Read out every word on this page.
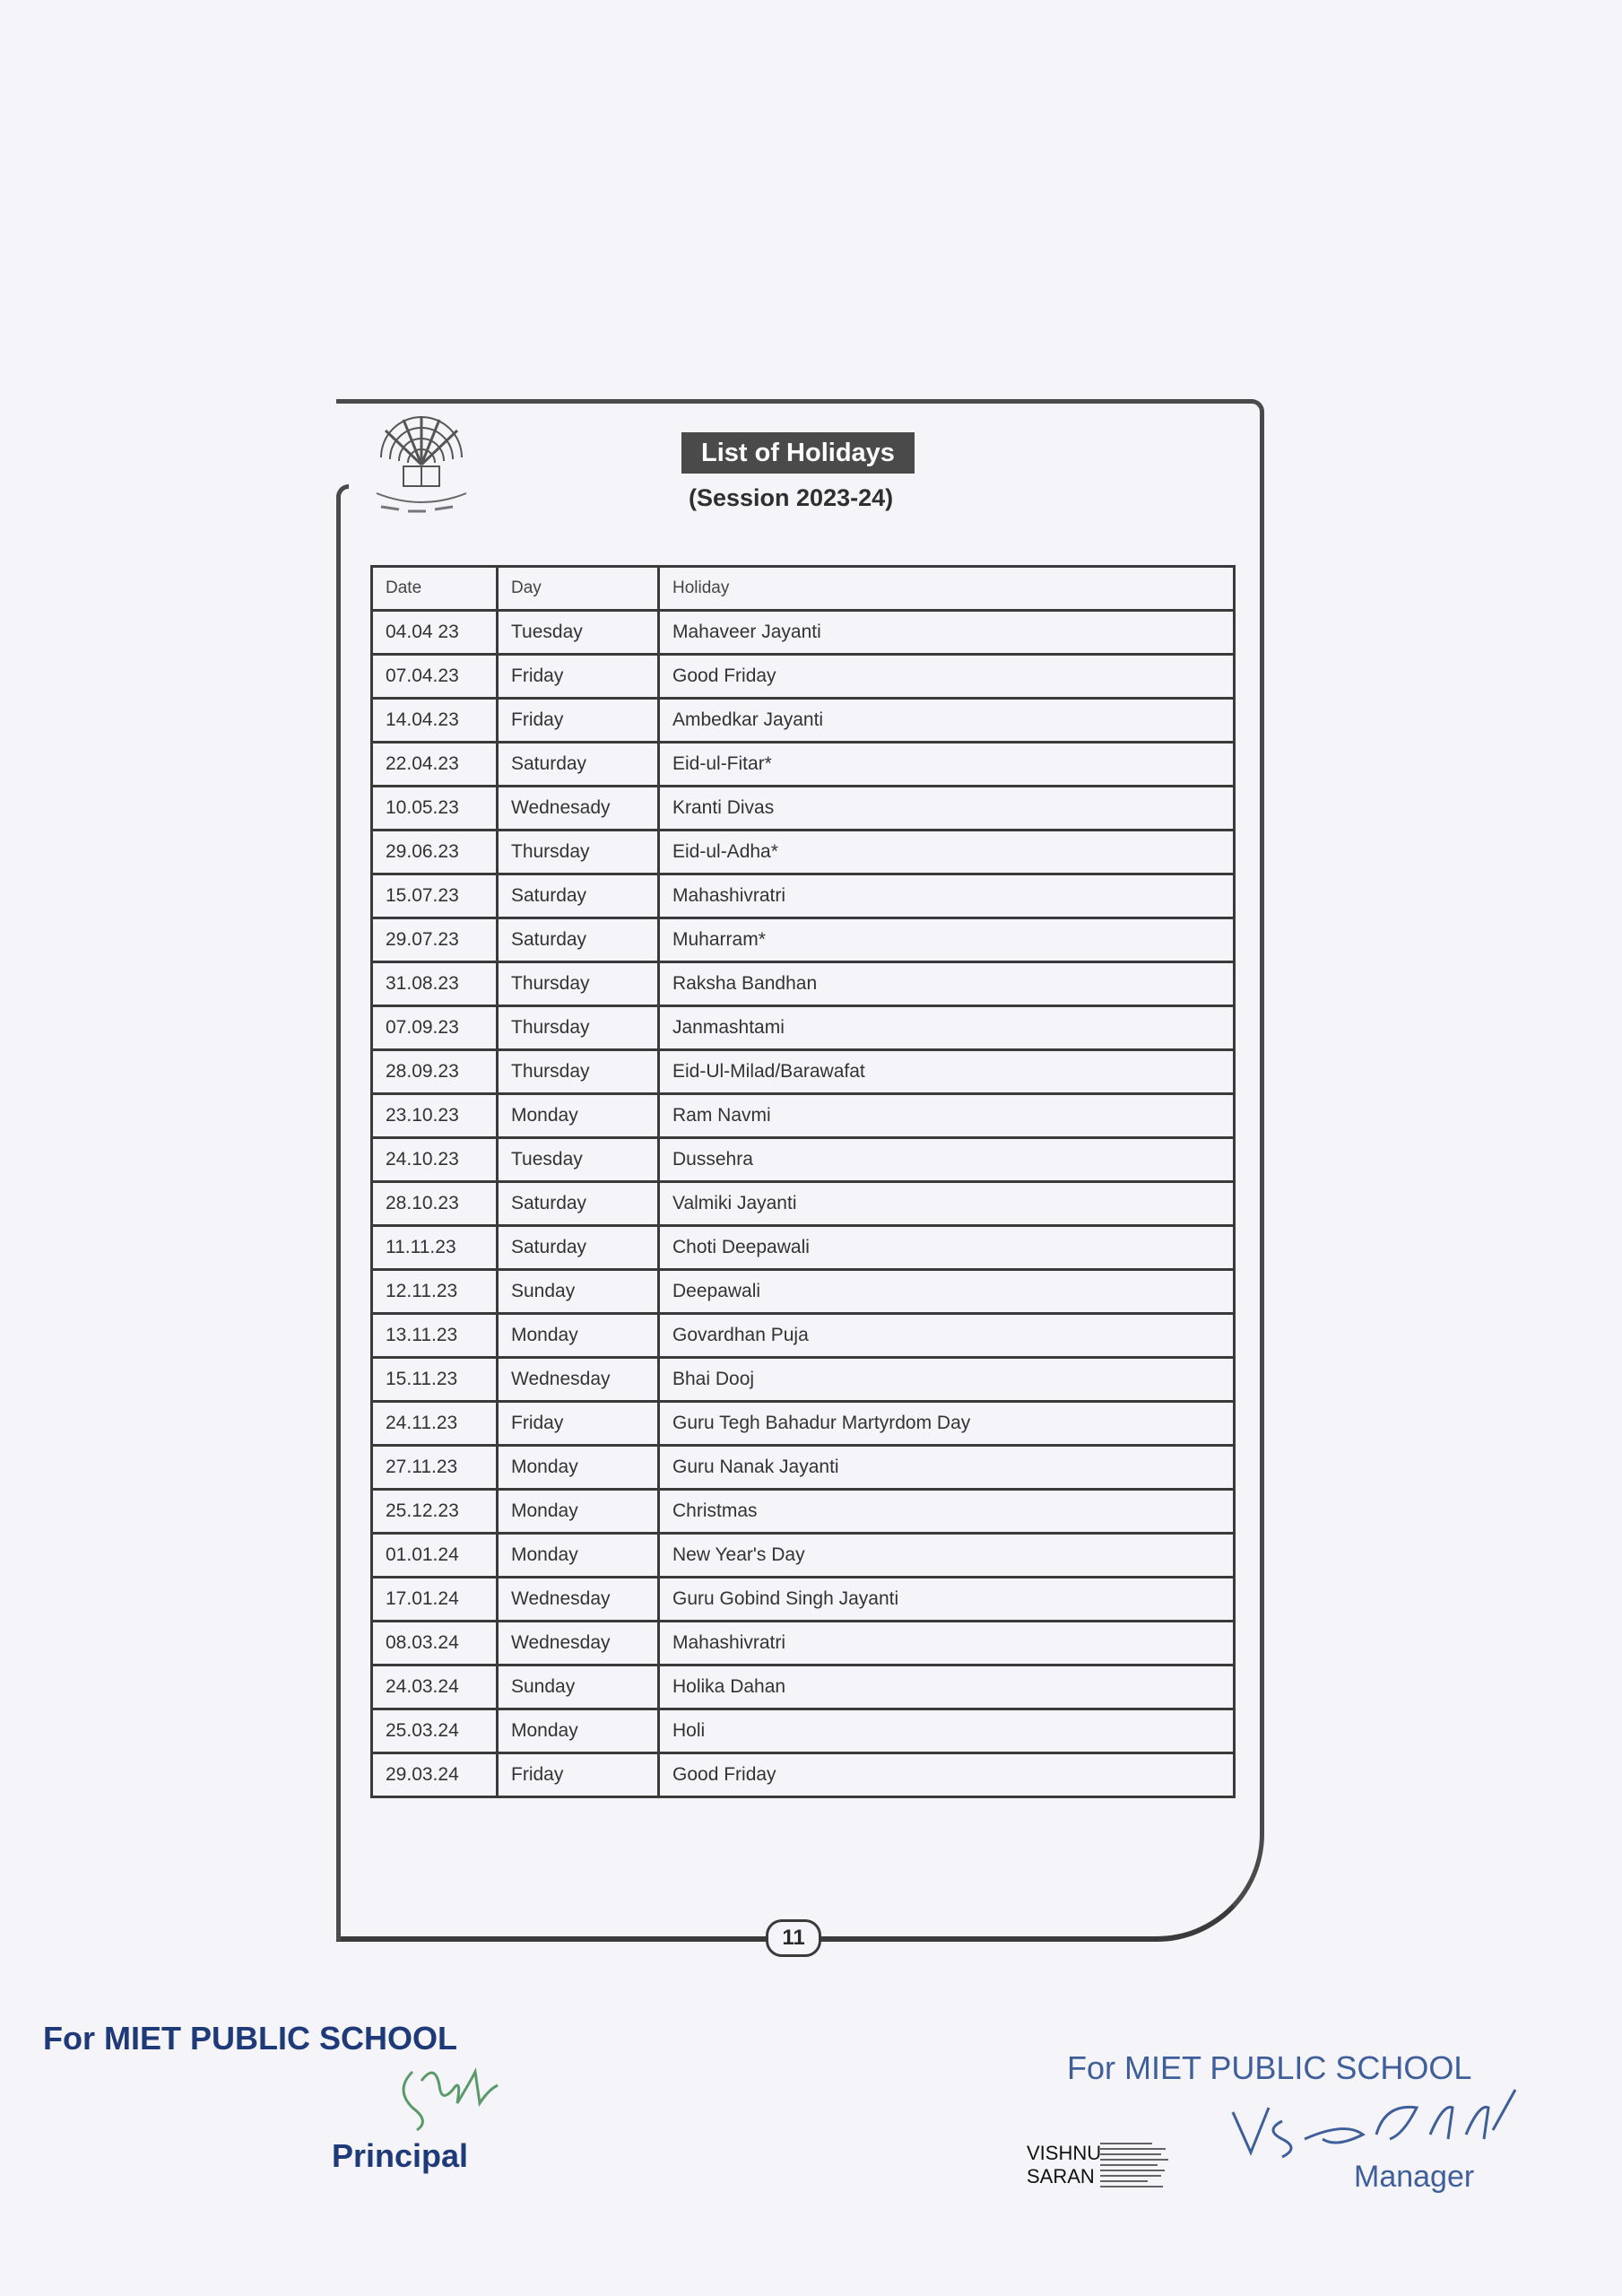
List of Holidays
(Session 2023-24)
Date	Day	Holiday
04.04 23	Tuesday	Mahaveer Jayanti
07.04.23	Friday	Good Friday
14.04.23	Friday	Ambedkar Jayanti
22.04.23	Saturday	Eid-ul-Fitar*
10.05.23	Wednesady	Kranti Divas
29.06.23	Thursday	Eid-ul-Adha*
15.07.23	Saturday	Mahashivratri
29.07.23	Saturday	Muharram*
31.08.23	Thursday	Raksha Bandhan
07.09.23	Thursday	Janmashtami
28.09.23	Thursday	Eid-Ul-Milad/Barawafat
23.10.23	Monday	Ram Navmi
24.10.23	Tuesday	Dussehra
28.10.23	Saturday	Valmiki Jayanti
11.11.23	Saturday	Choti Deepawali
12.11.23	Sunday	Deepawali
13.11.23	Monday	Govardhan Puja
15.11.23	Wednesday	Bhai Dooj
24.11.23	Friday	Guru Tegh Bahadur Martyrdom Day
27.11.23	Monday	Guru Nanak Jayanti
25.12.23	Monday	Christmas
01.01.24	Monday	New Year's Day
17.01.24	Wednesday	Guru Gobind Singh Jayanti
08.03.24	Wednesday	Mahashivratri
24.03.24	Sunday	Holika Dahan
25.03.24	Monday	Holi
29.03.24	Friday	Good Friday
11
For MIET PUBLIC SCHOOL
Principal
For MIET PUBLIC SCHOOL
VISHNU
SARAN	Manager
